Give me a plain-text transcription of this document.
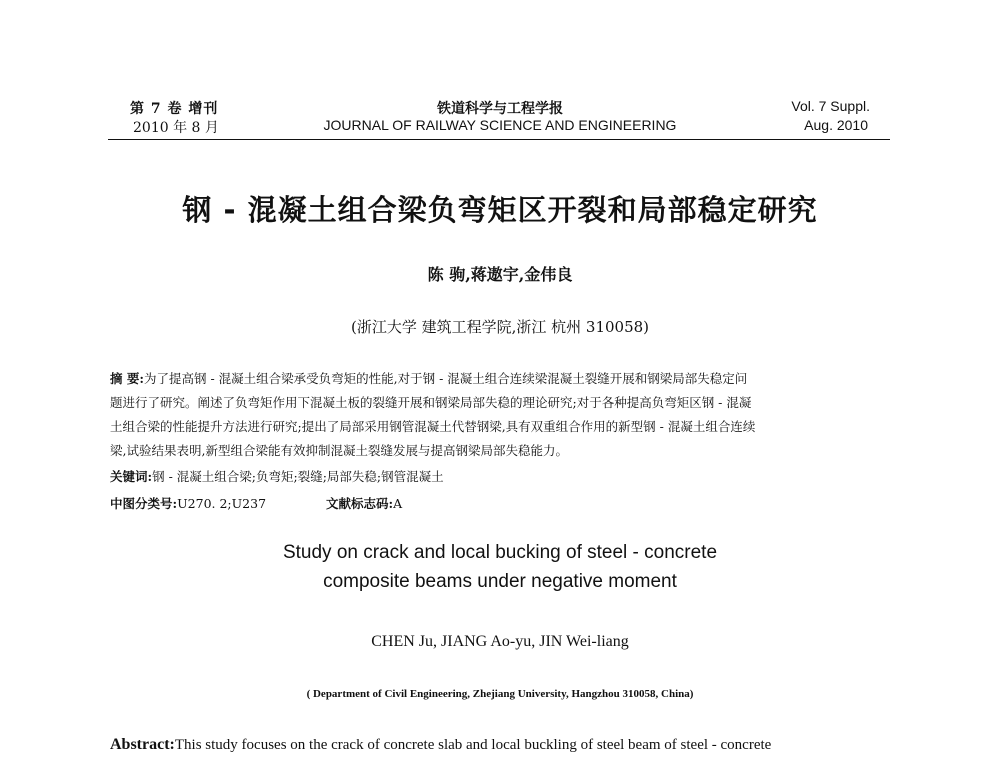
第 7 卷 增刊
2010 年 8 月
铁道科学与工程学报
JOURNAL OF RAILWAY SCIENCE AND ENGINEERING
Vol. 7 Suppl.
Aug. 2010
钢 - 混凝土组合梁负弯矩区开裂和局部稳定研究
陈 驹,蒋遨宇,金伟良
(浙江大学 建筑工程学院,浙江 杭州 310058)
摘 要:为了提高钢 - 混凝土组合梁承受负弯矩的性能,对于钢 - 混凝土组合连续梁混凝土裂缝开展和钢梁局部失稳定问
题进行了研究。阐述了负弯矩作用下混凝土板的裂缝开展和钢梁局部失稳的理论研究;对于各种提高负弯矩区钢 - 混凝
土组合梁的性能提升方法进行研究;提出了局部采用钢管混凝土代替钢梁,具有双重组合作用的新型钢 - 混凝土组合连续
梁,试验结果表明,新型组合梁能有效抑制混凝土裂缝发展与提高钢梁局部失稳能力。
关键词:钢 - 混凝土组合梁;负弯矩;裂缝;局部失稳;钢管混凝土
中图分类号:U270. 2;U237	文献标志码:A
Study on crack and local bucking of steel - concrete
composite beams under negative moment
CHEN Ju, JIANG Ao-yu, JIN Wei-liang
( Department of Civil Engineering, Zhejiang University, Hangzhou 310058, China)
Abstract:This study focuses on the crack of concrete slab and local buckling of steel beam of steel - concrete
